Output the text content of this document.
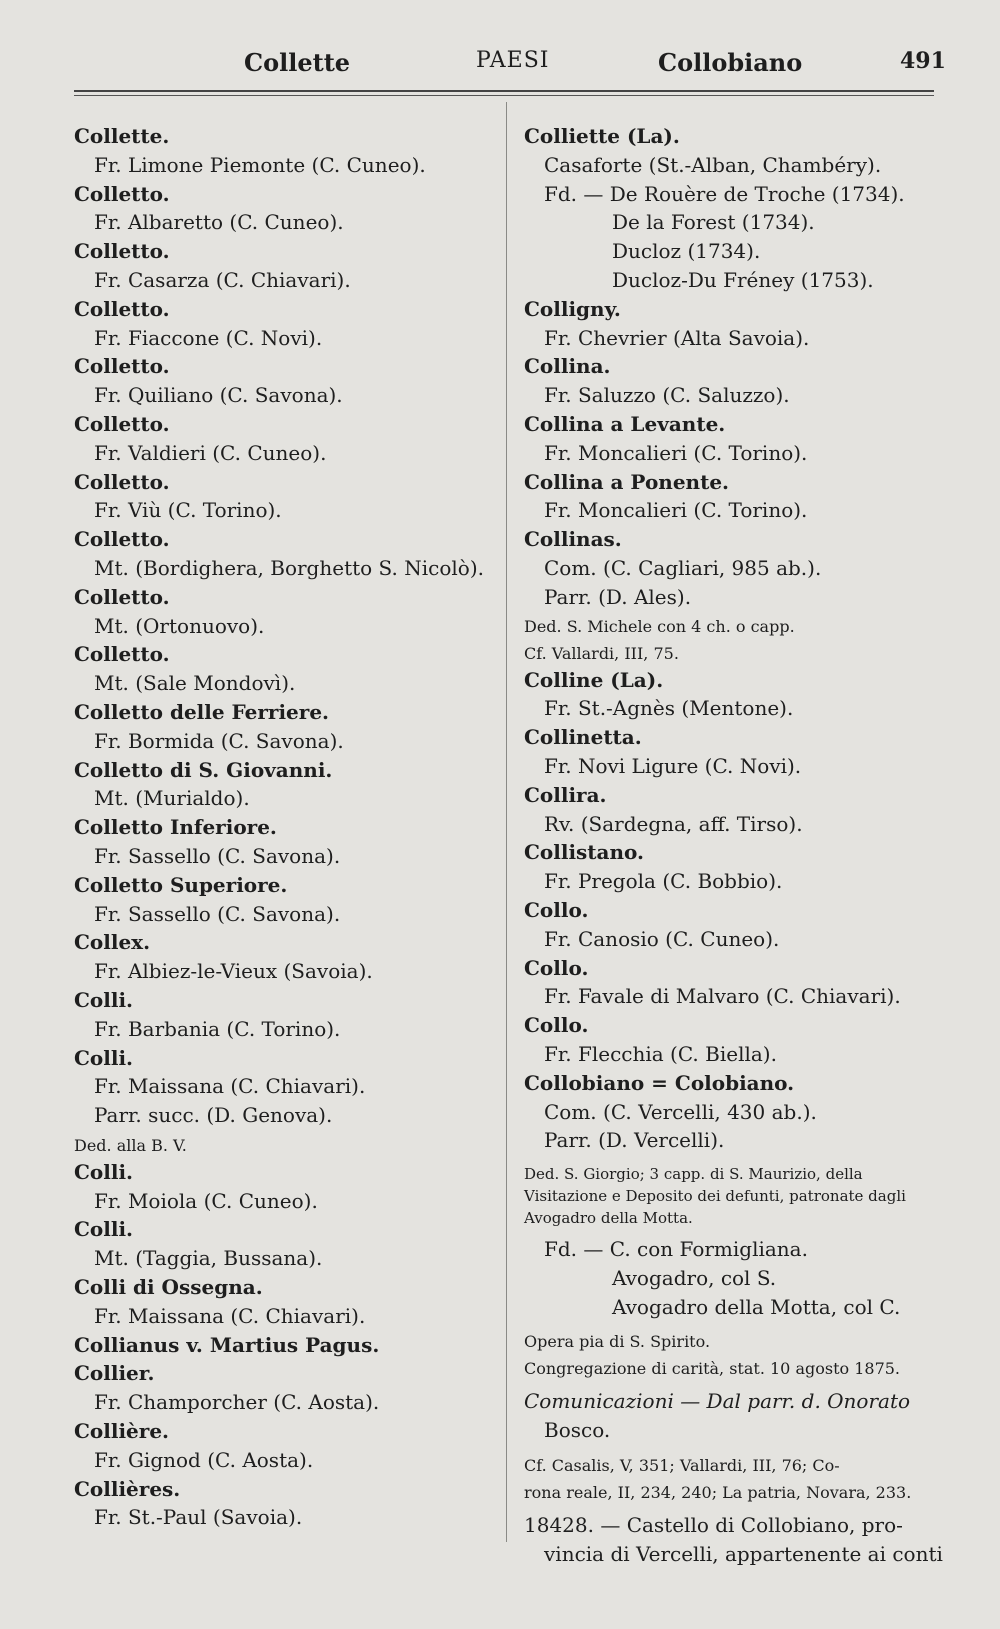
Collette	PAESI	Collobiano	491
Collette.
Fr. Limone Piemonte (C. Cuneo).
Colletto.
Fr. Albaretto (C. Cuneo).
Colletto.
Fr. Casarza (C. Chiavari).
Colletto.
Fr. Fiaccone (C. Novi).
Colletto.
Fr. Quiliano (C. Savona).
Colletto.
Fr. Valdieri (C. Cuneo).
Colletto.
Fr. Viù (C. Torino).
Colletto.
Mt. (Bordighera, Borghetto S. Nicolò).
Colletto.
Mt. (Ortonuovo).
Colletto.
Mt. (Sale Mondovì).
Colletto delle Ferriere.
Fr. Bormida (C. Savona).
Colletto di S. Giovanni.
Mt. (Murialdo).
Colletto Inferiore.
Fr. Sassello (C. Savona).
Colletto Superiore.
Fr. Sassello (C. Savona).
Collex.
Fr. Albiez-le-Vieux (Savoia).
Colli.
Fr. Barbania (C. Torino).
Colli.
Fr. Maissana (C. Chiavari).
Parr. succ. (D. Genova).
Ded. alla B. V.
Colli.
Fr. Moiola (C. Cuneo).
Colli.
Mt. (Taggia, Bussana).
Colli di Ossegna.
Fr. Maissana (C. Chiavari).
Collianus v. Martius Pagus.
Collier.
Fr. Champorcher (C. Aosta).
Collière.
Fr. Gignod (C. Aosta).
Collières.
Fr. St.-Paul (Savoia).
Colliette (La).
Casaforte (St.-Alban, Chambéry).
Fd. — De Rouère de Troche (1734).
De la Forest (1734).
Ducloz (1734).
Ducloz-Du Fréney (1753).
Colligny.
Fr. Chevrier (Alta Savoia).
Collina.
Fr. Saluzzo (C. Saluzzo).
Collina a Levante.
Fr. Moncalieri (C. Torino).
Collina a Ponente.
Fr. Moncalieri (C. Torino).
Collinas.
Com. (C. Cagliari, 985 ab.).
Parr. (D. Ales).
Ded. S. Michele con 4 ch. o capp.
Cf. Vallardi, III, 75.
Colline (La).
Fr. St.-Agnès (Mentone).
Collinetta.
Fr. Novi Ligure (C. Novi).
Collira.
Rv. (Sardegna, aff. Tirso).
Collistano.
Fr. Pregola (C. Bobbio).
Collo.
Fr. Canosio (C. Cuneo).
Collo.
Fr. Favale di Malvaro (C. Chiavari).
Collo.
Fr. Flecchia (C. Biella).
Collobiano = Colobiano.
Com. (C. Vercelli, 430 ab.).
Parr. (D. Vercelli).
Ded. S. Giorgio; 3 capp. di S. Maurizio, della Visitazione e Deposito dei defunti, patronate dagli Avogadro della Motta.
Fd. — C. con Formigliana.
Avogadro, col S.
Avogadro della Motta, col C.
Opera pia di S. Spirito.
Congregazione di carità, stat. 10 agosto 1875.
Comunicazioni — Dal parr. d. Onorato
Bosco.
Cf. Casalis, V, 351; Vallardi, III, 76; Co-
rona reale, II, 234, 240; La patria, Novara, 233.
18428. — Castello di Collobiano, pro-
vincia di Vercelli, appartenente ai conti
